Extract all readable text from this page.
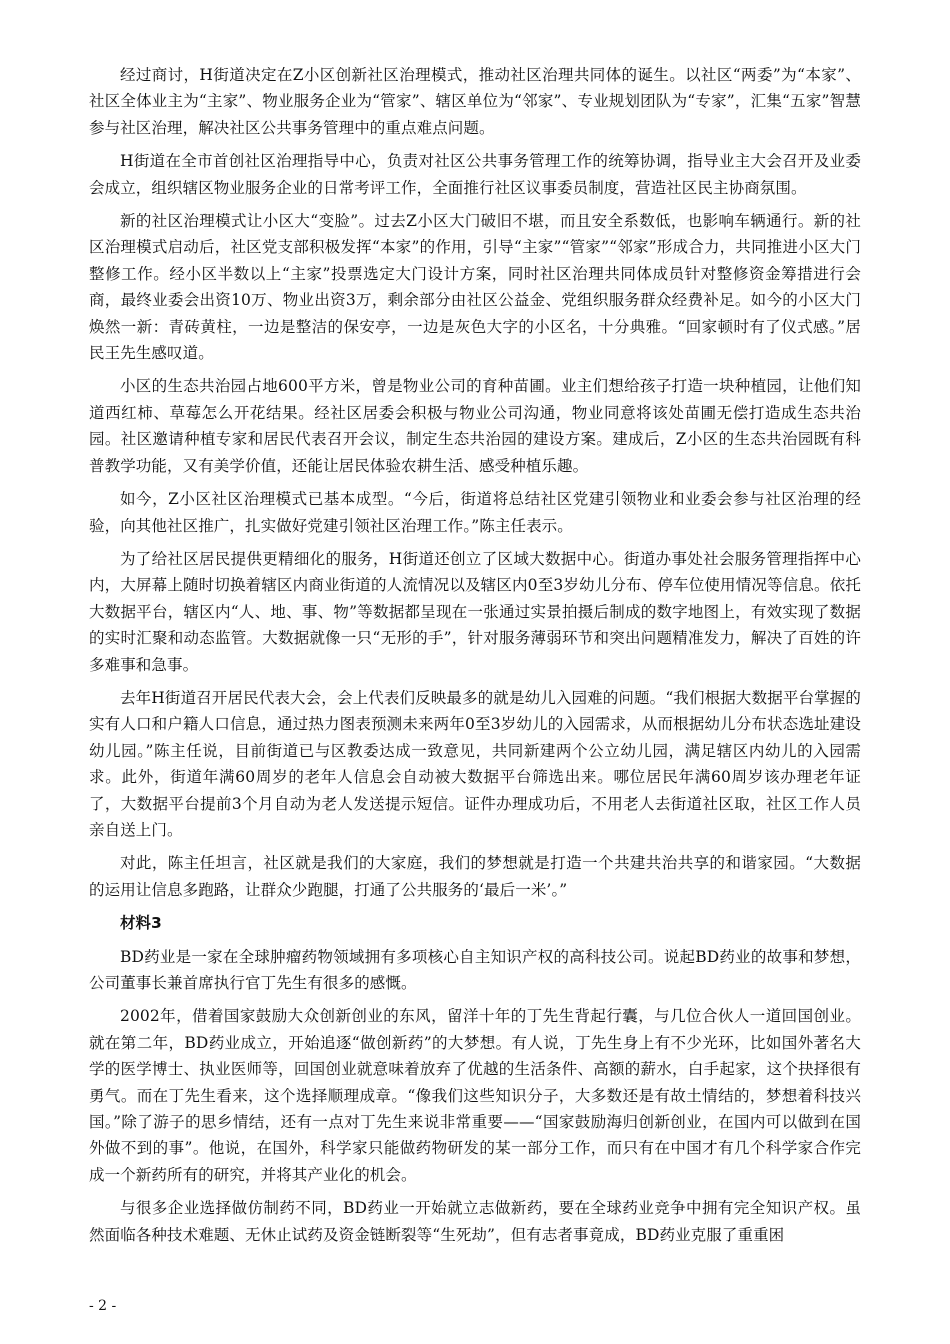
经过商讨，H街道决定在Z小区创新社区治理模式，推动社区治理共同体的诞生。以社区“两委”为“本家”、社区全体业主为“主家”、物业服务企业为“管家”、辖区单位为“邻家”、专业规划团队为“专家”，汇集“五家”智慧参与社区治理，解决社区公共事务管理中的重点难点问题。

H街道在全市首创社区治理指导中心，负责对社区公共事务管理工作的统筹协调，指导业主大会召开及业委会成立，组织辖区物业服务企业的日常考评工作，全面推行社区议事委员制度，营造社区民主协商氛围。

新的社区治理模式让小区大“变脸”。过去Z小区大门破旧不堪，而且安全系数低，也影响车辆通行。新的社区治理模式启动后，社区党支部积极发挥“本家”的作用，引导“主家”“管家”“邻家”形成合力，共同推进小区大门整修工作。经小区半数以上“主家”投票选定大门设计方案，同时社区治理共同体成员针对整修资金筹措进行会商，最终业委会出资10万、物业出资3万，剩余部分由社区公益金、党组织服务群众经费补足。如今的小区大门焕然一新：青砖黄柱，一边是整洁的保安亭，一边是灰色大字的小区名，十分典雅。“回家顿时有了仪式感。”居民王先生感叹道。

小区的生态共治园占地600平方米，曾是物业公司的育种苗圃。业主们想给孩子打造一块种植园，让他们知道西红柿、草莓怎么开花结果。经社区居委会积极与物业公司沟通，物业同意将该处苗圃无偿打造成生态共治园。社区邀请种植专家和居民代表召开会议，制定生态共治园的建设方案。建成后，Z小区的生态共治园既有科普教学功能，又有美学价值，还能让居民体验农耕生活、感受种植乐趣。

如今，Z小区社区治理模式已基本成型。“今后，街道将总结社区党建引领物业和业委会参与社区治理的经验，向其他社区推广，扎实做好党建引领社区治理工作。”陈主任表示。

为了给社区居民提供更精细化的服务，H街道还创立了区域大数据中心。街道办事处社会服务管理指挥中心内，大屏幕上随时切换着辖区内商业街道的人流情况以及辖区内0至3岁幼儿分布、停车位使用情况等信息。依托大数据平台，辖区内“人、地、事、物”等数据都呈现在一张通过实景拍摄后制成的数字地图上，有效实现了数据的实时汇聚和动态监管。大数据就像一只“无形的手”，针对服务薄弱环节和突出问题精准发力，解决了百姓的许多难事和急事。

去年H街道召开居民代表大会，会上代表们反映最多的就是幼儿入园难的问题。“我们根据大数据平台掌握的实有人口和户籍人口信息，通过热力图表预测未来两年0至3岁幼儿的入园需求，从而根据幼儿分布状态选址建设幼儿园。”陈主任说，目前街道已与区教委达成一致意见，共同新建两个公立幼儿园，满足辖区内幼儿的入园需求。此外，街道年满60周岁的老年人信息会自动被大数据平台筛选出来。哪位居民年满60周岁该办理老年证了，大数据平台提前3个月自动为老人发送提示短信。证件办理成功后，不用老人去街道社区取，社区工作人员亲自送上门。

对此，陈主任坦言，社区就是我们的大家庭，我们的梦想就是打造一个共建共治共享的和谐家园。“大数据的运用让信息多跑路，让群众少跑腿，打通了公共服务的‘最后一米’。”

材料3

BD药业是一家在全球肿瘤药物领域拥有多项核心自主知识产权的高科技公司。说起BD药业的故事和梦想，公司董事长兼首席执行官丁先生有很多的感慨。

2002年，借着国家鼓励大众创新创业的东风，留洋十年的丁先生背起行囊，与几位合伙人一道回国创业。就在第二年，BD药业成立，开始追逐“做创新药”的大梦想。有人说，丁先生身上有不少光环，比如国外著名大学的医学博士、执业医师等，回国创业就意味着放弃了优越的生活条件、高额的薪水，白手起家，这个抉择很有勇气。而在丁先生看来，这个选择顺理成章。“像我们这些知识分子，大多数还是有故土情结的，梦想着科技兴国。”除了游子的思乡情结，还有一点对丁先生来说非常重要——“国家鼓励海归创新创业，在国内可以做到在国外做不到的事”。他说，在国外，科学家只能做药物研发的某一部分工作，而只有在中国才有几个科学家合作完成一个新药所有的研究，并将其产业化的机会。

与很多企业选择做仿制药不同，BD药业一开始就立志做新药，要在全球药业竞争中拥有完全知识产权。虽然面临各种技术难题、无休止试药及资金链断裂等“生死劫”，但有志者事竟成，BD药业克服了重重困

- 2 -
